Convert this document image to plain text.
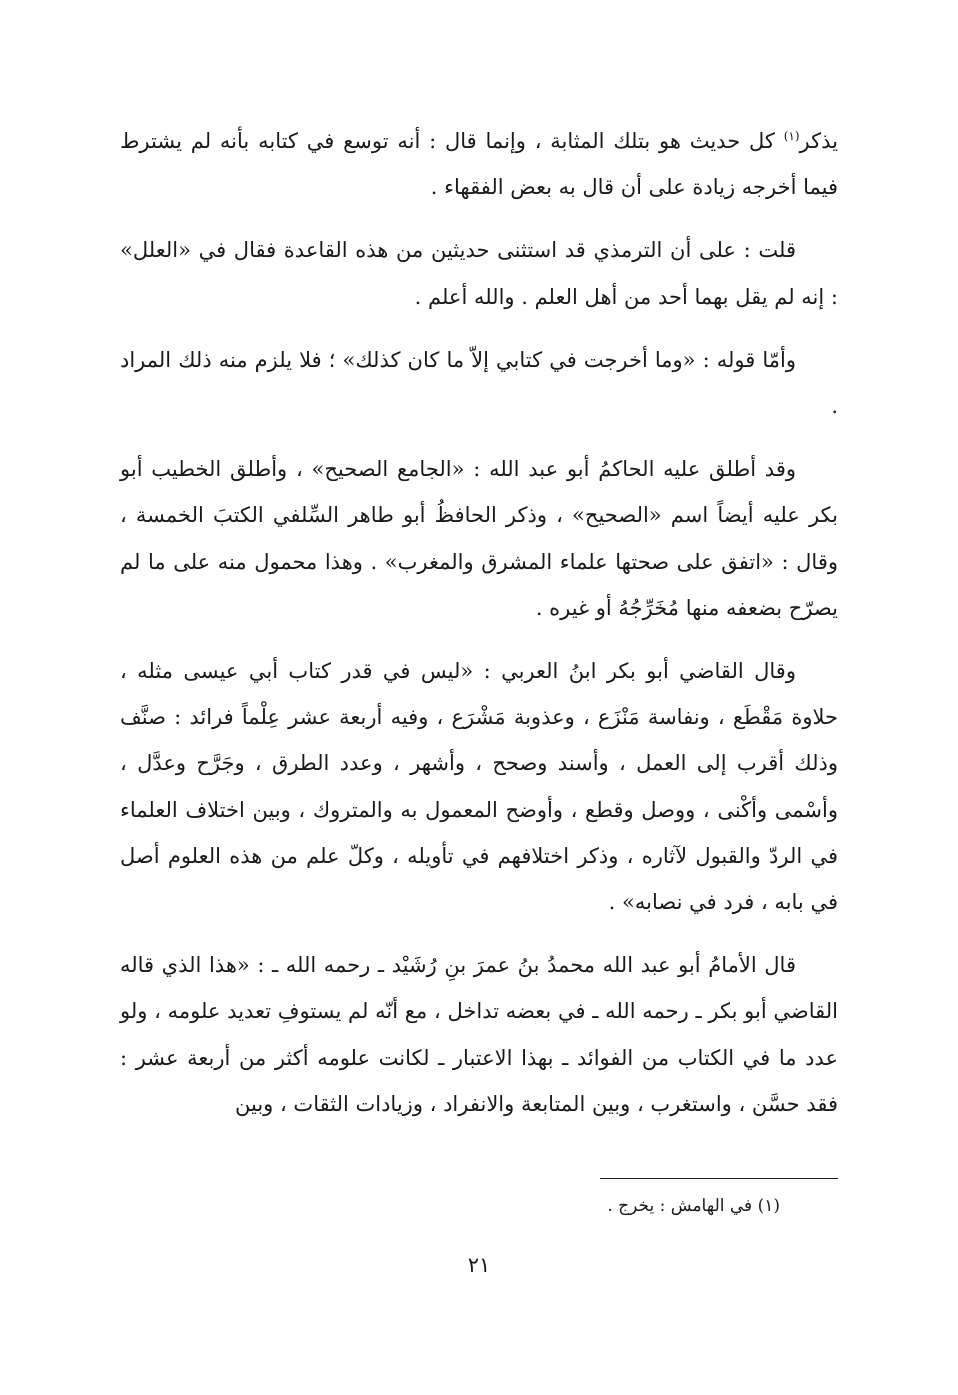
يذكر$^{(١)}$ كل حديث هو بتلك المثابة ، وإنما قال : أنه توسع في كتابه بأنه لم يشترط فيما أخرجه زيادة على أن قال به بعض الفقهاء .

قلت : على أن الترمذي قد استثنى حديثين من هذه القاعدة فقال في «العلل» : إنه لم يقل بهما أحد من أهل العلم . والله أعلم .

وأمّا قوله : «وما أخرجت في كتابي إلاّ ما كان كذلك» ؛ فلا يلزم منه ذلك المراد .

وقد أطلق عليه الحاكمُ أبو عبد الله : «الجامع الصحيح» ، وأطلق الخطيب أبو بكر عليه أيضاً اسم «الصحيح» ، وذكر الحافظُ أبو طاهر السِّلفي الكتبَ الخمسة ، وقال : «اتفق على صحتها علماء المشرق والمغرب» . وهذا محمول منه على ما لم يصرّح بضعفه منها مُخَرِّجُهُ أو غيره .

وقال القاضي أبو بكر ابنُ العربي : «ليس في قدر كتاب أبي عيسى مثله ، حلاوة مَقْطَع ، ونفاسة مَنْزَع ، وعذوبة مَشْرَع ، وفيه أربعة عشر عِلْماً فرائد : صنَّف وذلك أقرب إلى العمل ، وأسند وصحح ، وأشهر ، وعدد الطرق ، وجَرَّح وعدَّل ، وأسْمى وأكْنى ، ووصل وقطع ، وأوضح المعمول به والمتروك ، وبين اختلاف العلماء في الردّ والقبول لآثاره ، وذكر اختلافهم في تأويله ، وكلّ علم من هذه العلوم أصل في بابه ، فرد في نصابه» .

قال الأمامُ أبو عبد الله محمدُ بنُ عمرَ بنِ رُشَيْد ـ رحمه الله ـ : «هذا الذي قاله القاضي أبو بكر ـ رحمه الله ـ في بعضه تداخل ، مع أنّه لم يستوفِ تعديد علومه ، ولو عدد ما في الكتاب من الفوائد ـ بهذا الاعتبار ـ لكانت علومه أكثر من أربعة عشر : فقد حسَّن ، واستغرب ، وبين المتابعة والانفراد ، وزيادات الثقات ، وبين

(١) في الهامش : يخرج .
٢١
